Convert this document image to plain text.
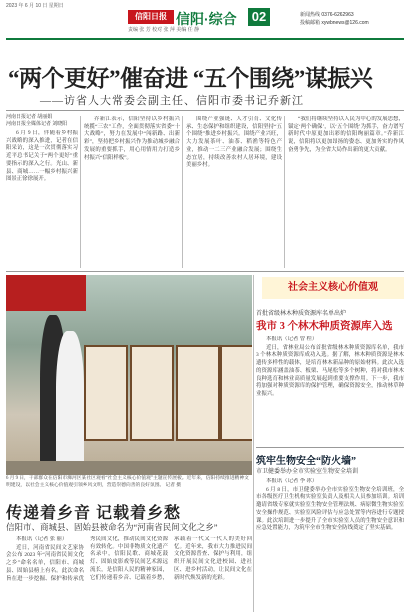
2023 年 6 月 10 日 星期日
信阳日报 信阳·综合 02
责编 张 芳 校对 张 萍 美编 任 静
新闻热线 0376-6262963
投稿邮箱 xywbnews@126.com
“两个更好”催奋进 “五个围绕”谋振兴
——访省人大常委会副主任、信阳市委书记乔新江
河南日报记者 胡丽娟
河南日报全媒体记者 刘晓阳

6 月 9 日，伴随着乡村振兴战略的深入推进，记者在信阳采访，这是一次贯彻落实习近平总书记关于“两个更好”重要指示的深入之行。光山、新县、商城……一幅乡村振兴新图景正徐徐展开。

乔新江表示，信阳坚持以乡村振兴统揽“三农”工作，全面贯彻落实省委“十大战略”，努力在发展中“闯新路、出新彩”，坚持把乡村振兴作为推动城乡融合发展的重要抓手，用心用情用力打造乡村振兴“信阳样板”。

围绕产业强链、人才引育、文化传承、生态保护和组织建设，信阳坚持“五个围绕”推进乡村振兴。围绕产业兴旺，大力发展茶叶、油茶、稻渔等特色产业，推动一二三产业融合发展；围绕生态宜居，持续改善农村人居环境，建设美丽乡村。

“我们将继续坚持以人民为中心的发展思想，锚定‘两个确保’，以‘五个围绕’为抓手，奋力谱写新时代中原更加出彩的信阳绚丽篇章。”乔新江说，信阳将以更加昂扬的姿态、更加务实的作风奋勇争先，为全省大局作出新的更大贡献。

6 月 9 日，干部群众在信阳市浉河区某社区观看“社会主义核心价值观”主题宣传展板。近年来，信阳持续推进精神文明建设，以社会主义核心价值观引领乡风文明，营造崇德向善的良好氛围。 记者 摄
社会主义核心价值观
首批省级林木种质资源库名单出炉
我市 3 个林木种质资源库入选

本报讯（记者 曾 程）

近日，省林业局公布首批省级林木种质资源库名单，我市 3 个林木种质资源库成功入选。据了解，林木种质资源是林木遗传多样性的载体，是培育林木新品种的原始材料。此次入选的资源库涵盖油茶、板栗、马尾松等多个树种，将对我市林木良种选育和林业高质量发展起到重要支撑作用。下一步，我市将加强对种质资源库的保护管理，确保资源安全，推动林草种业振兴。

筑牢生物安全“防火墙”
市卫健委举办全市实验室生物安全培训

本报讯（记者 李 冰）

6 月 8 日，市卫健委举办全市实验室生物安全培训班，全市各级医疗卫生机构实验室负责人及相关人员参加培训。培训邀请省级专家就实验室生物安全管理法规、病原微生物实验室安全操作规范、实验室风险评估与应急处置等内容进行专题授课。此次培训进一步提升了全市实验室人员的生物安全意识和应急处置能力，为筑牢全市生物安全防线奠定了坚实基础。

传递着乡音 记载着乡愁
信阳市、商城县、固始县被命名为“河南省民间文化之乡”

本报讯（记者 张 丽）

近日，河南省民间文艺家协会公布 2023 年“河南省民间文化之乡”命名名单，信阳市、商城县、固始县榜上有名。此次命名旨在进一步挖掘、保护和传承优秀民间文化，推动民间文化资源有效转化。中国非物质文化遗产名录中，信阳民歌、商城花鼓灯、固始皮影戏等民间艺术源远流长，是信阳人民的精神家园，它们传递着乡音、记载着乡愁，承载着一代又一代人的美好回忆。近年来，我市大力推进民间文化资源普查、保护与利用，组织开展民间文化进校园、进社区、进乡村活动，让民间文化在新时代焕发新的光彩。
